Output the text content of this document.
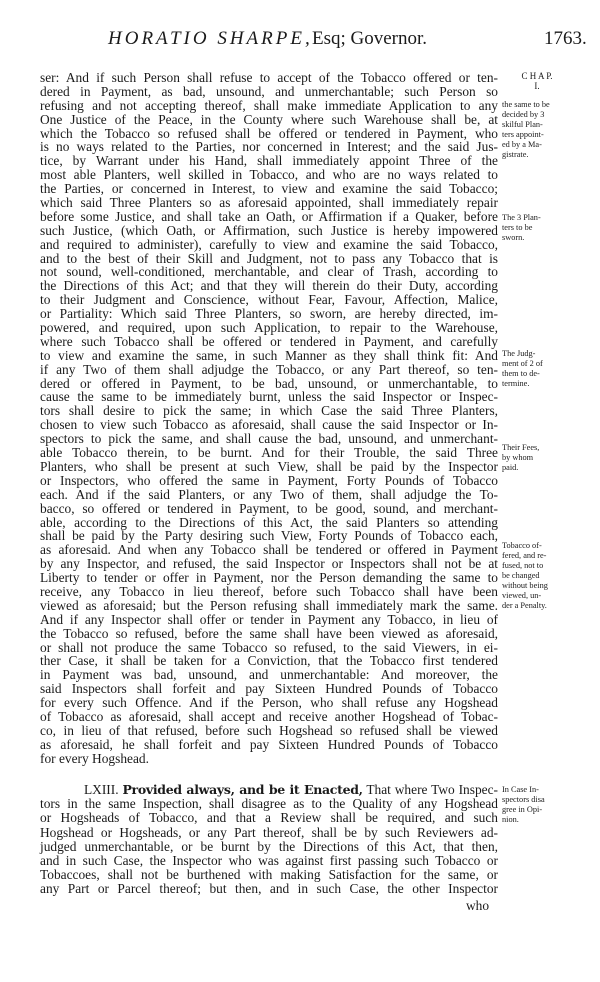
HORATIO SHARPE, Esq; Governor.	1763.
ser: And if such Person shall refuse to accept of the Tobacco offered or ten-
dered in Payment, as bad, unsound, and unmerchantable; such Person so
refusing and not accepting thereof, shall make immediate Application to any
One Justice of the Peace, in the County where such Warehouse shall be, at
which the Tobacco so refused shall be offered or tendered in Payment, who
is no ways related to the Parties, nor concerned in Interest; and the said Jus-
tice, by Warrant under his Hand, shall immediately appoint Three of the
most able Planters, well skilled in Tobacco, and who are no ways related to
the Parties, or concerned in Interest, to view and examine the said Tobacco;
which said Three Planters so as aforesaid appointed, shall immediately repair
before some Justice, and shall take an Oath, or Affirmation if a Quaker, before
such Justice, (which Oath, or Affirmation, such Justice is hereby impowered
and required to administer), carefully to view and examine the said Tobacco,
and to the best of their Skill and Judgment, not to pass any Tobacco that is
not sound, well-conditioned, merchantable, and clear of Trash, according to
the Directions of this Act; and that they will therein do their Duty, according
to their Judgment and Conscience, without Fear, Favour, Affection, Malice,
or Partiality: Which said Three Planters, so sworn, are hereby directed, im-
powered, and required, upon such Application, to repair to the Warehouse,
where such Tobacco shall be offered or tendered in Payment, and carefully
to view and examine the same, in such Manner as they shall think fit: And
if any Two of them shall adjudge the Tobacco, or any Part thereof, so ten-
dered or offered in Payment, to be bad, unsound, or unmerchantable, to
cause the same to be immediately burnt, unless the said Inspector or Inspec-
tors shall desire to pick the same; in which Case the said Three Planters,
chosen to view such Tobacco as aforesaid, shall cause the said Inspector or In-
spectors to pick the same, and shall cause the bad, unsound, and unmerchant-
able Tobacco therein, to be burnt. And for their Trouble, the said Three
Planters, who shall be present at such View, shall be paid by the Inspector
or Inspectors, who offered the same in Payment, Forty Pounds of Tobacco
each. And if the said Planters, or any Two of them, shall adjudge the To-
bacco, so offered or tendered in Payment, to be good, sound, and merchant-
able, according to the Directions of this Act, the said Planters so attending
shall be paid by the Party desiring such View, Forty Pounds of Tobacco each,
as aforesaid. And when any Tobacco shall be tendered or offered in Payment
by any Inspector, and refused, the said Inspector or Inspectors shall not be at
Liberty to tender or offer in Payment, nor the Person demanding the same to
receive, any Tobacco in lieu thereof, before such Tobacco shall have been
viewed as aforesaid; but the Person refusing shall immediately mark the same.
And if any Inspector shall offer or tender in Payment any Tobacco, in lieu of
the Tobacco so refused, before the same shall have been viewed as aforesaid,
or shall not produce the same Tobacco so refused, to the said Viewers, in ei-
ther Case, it shall be taken for a Conviction, that the Tobacco first tendered
in Payment was bad, unsound, and unmerchantable: And moreover, the
said Inspectors shall forfeit and pay Sixteen Hundred Pounds of Tobacco
for every such Offence. And if the Person, who shall refuse any Hogshead
of Tobacco as aforesaid, shall accept and receive another Hogshead of Tobac-
co, in lieu of that refused, before such Hogshead so refused shall be viewed
as aforesaid, he shall forfeit and pay Sixteen Hundred Pounds of Tobacco
for every Hogshead.
LXIII. Provided always, and be it Enacted, That where Two Inspec-
tors in the same Inspection, shall disagree as to the Quality of any Hogshead
or Hogsheads of Tobacco, and that a Review shall be required, and such
Hogshead or Hogsheads, or any Part thereof, shall be by such Reviewers ad-
judged unmerchantable, or be burnt by the Directions of this Act, that then,
and in such Case, the Inspector who was against first passing such Tobacco or
Tobaccoes, shall not be burthened with making Satisfaction for the same, or
any Part or Parcel thereof; but then, and in such Case, the other Inspector
who
C H A P.
I.
the same to be
decided by 3
skilful Plan-
ters appoint-
ed by a Ma-
gistrate.
The 3 Plan-
ters to be
sworn.
The Judg-
ment of 2 of
them to de-
termine.
Their Fees,
by whom
paid.
Tobacco of-
fered, and re-
fused, not to
be changed
without being
viewed, un-
der a Penalty.
In Case In-
spectors disa
gree in Opi-
nion.
